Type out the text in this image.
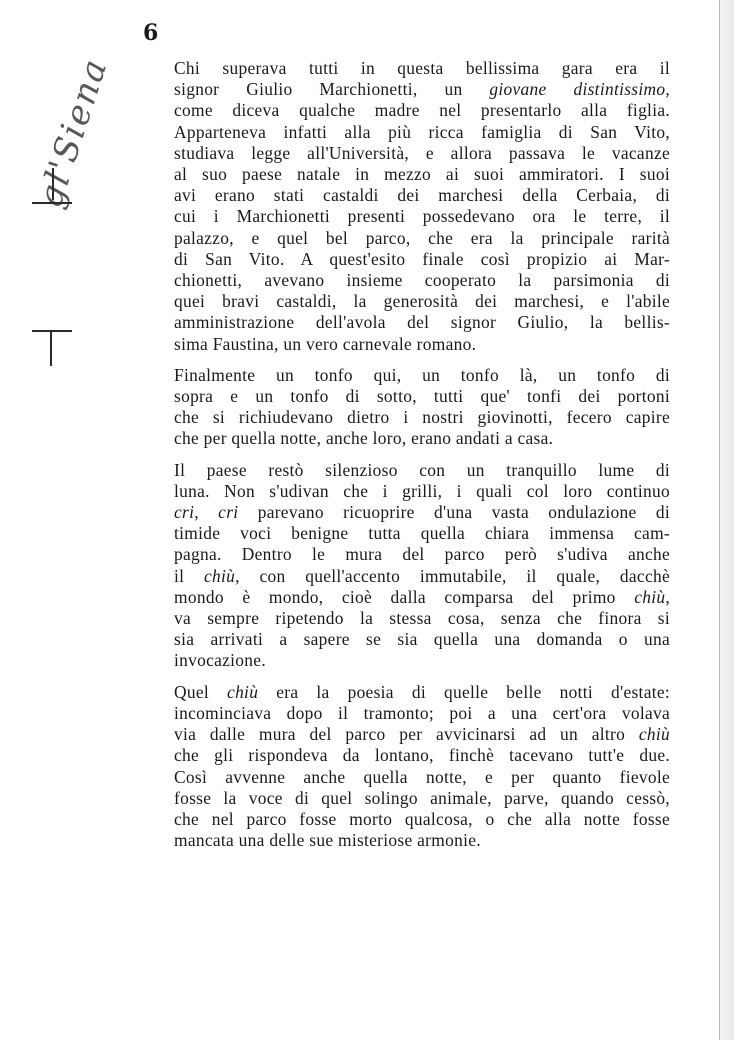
6
gl'Siena	Chi superava tutti in questa bellissima gara era il
signor Giulio Marchionetti, un giovane distintissimo,
come diceva qualche madre nel presentarlo alla figlia.
Apparteneva infatti alla più ricca famiglia di San Vito,
studiava legge all'Università, e allora passava le vacanze
al suo paese natale in mezzo ai suoi ammiratori. I suoi
avi erano stati castaldi dei marchesi della Cerbaia, di
cui i Marchionetti presenti possedevano ora le terre, il
palazzo, e quel bel parco, che era la principale rarità
di San Vito. A quest'esito finale così propizio ai Mar-
chionetti, avevano insieme cooperato la parsimonia di
quei bravi castaldi, la generosità dei marchesi, e l'abile
amministrazione dell'avola del signor Giulio, la bellis-
sima Faustina, un vero carnevale romano.

Finalmente un tonfo qui, un tonfo là, un tonfo di
sopra e un tonfo di sotto, tutti que' tonfi dei portoni
che si richiudevano dietro i nostri giovinotti, fecero capire
che per quella notte, anche loro, erano andati a casa.

Il paese restò silenzioso con un tranquillo lume di
luna. Non s'udivan che i grilli, i quali col loro continuo
cri, cri parevano ricuoprire d'una vasta ondulazione di
timide voci benigne tutta quella chiara immensa cam-
pagna. Dentro le mura del parco però s'udiva anche
il chiù, con quell'accento immutabile, il quale, dacchè
mondo è mondo, cioè dalla comparsa del primo chiù,
va sempre ripetendo la stessa cosa, senza che finora si
sia arrivati a sapere se sia quella una domanda o una
invocazione.

Quel chiù era la poesia di quelle belle notti d'estate:
incominciava dopo il tramonto; poi a una cert'ora volava
via dalle mura del parco per avvicinarsi ad un altro chiù
che gli rispondeva da lontano, finchè tacevano tutt'e due.
Così avvenne anche quella notte, e per quanto fievole
fosse la voce di quel solingo animale, parve, quando cessò,
che nel parco fosse morto qualcosa, o che alla notte fosse
mancata una delle sue misteriose armonie.
